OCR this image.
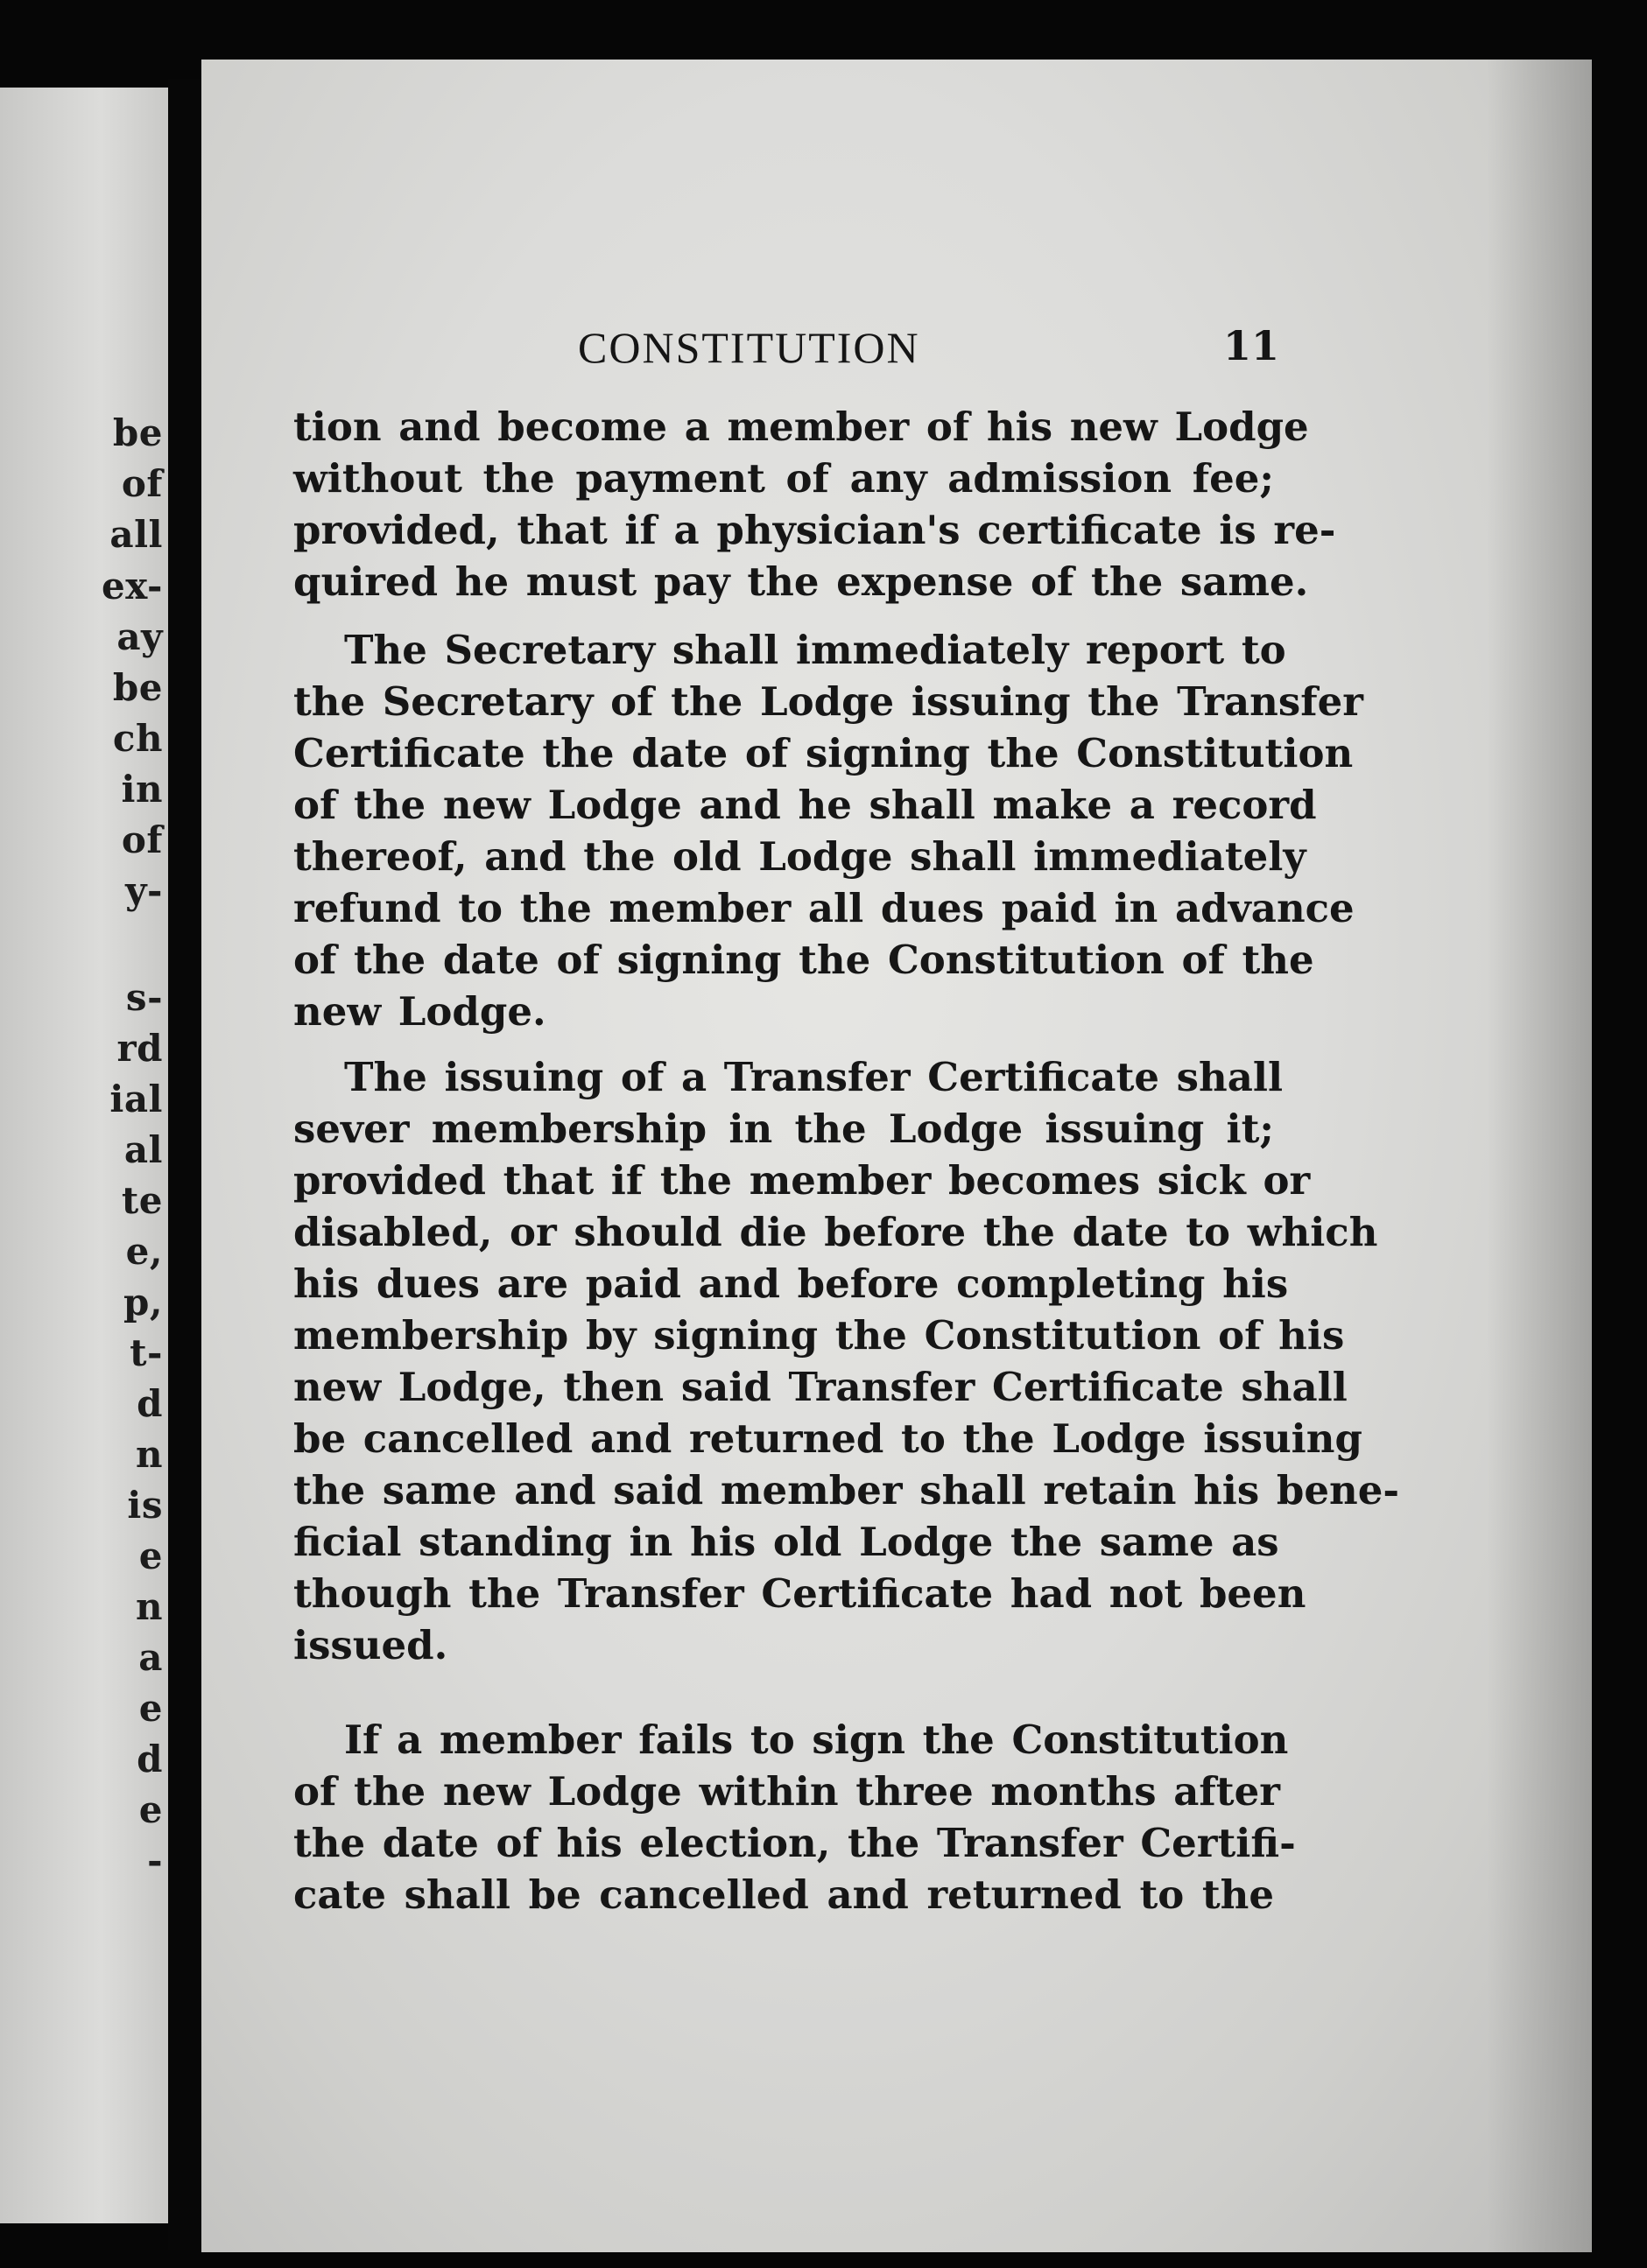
be

of

all

ex-

ay

be

ch

in

of

y-

s-

rd

ial

al

te

e,

p,

t-

d

n

is

e

n

a

e

d

e

-

CONSTITUTION	11
tion and become a member of his new Lodge
without the payment of any admission fee;
provided, that if a physician's certificate is re-
quired he must pay the expense of the same.
The Secretary shall immediately report to
the Secretary of the Lodge issuing the Transfer
Certificate the date of signing the Constitution
of the new Lodge and he shall make a record
thereof, and the old Lodge shall immediately
refund to the member all dues paid in advance
of the date of signing the Constitution of the
new Lodge.
The issuing of a Transfer Certificate shall
sever membership in the Lodge issuing it;
provided that if the member becomes sick or
disabled, or should die before the date to which
his dues are paid and before completing his
membership by signing the Constitution of his
new Lodge, then said Transfer Certificate shall
be cancelled and returned to the Lodge issuing
the same and said member shall retain his bene-
ficial standing in his old Lodge the same as
though the Transfer Certificate had not been
issued.
If a member fails to sign the Constitution
of the new Lodge within three months after
the date of his election, the Transfer Certifi-
cate shall be cancelled and returned to the
